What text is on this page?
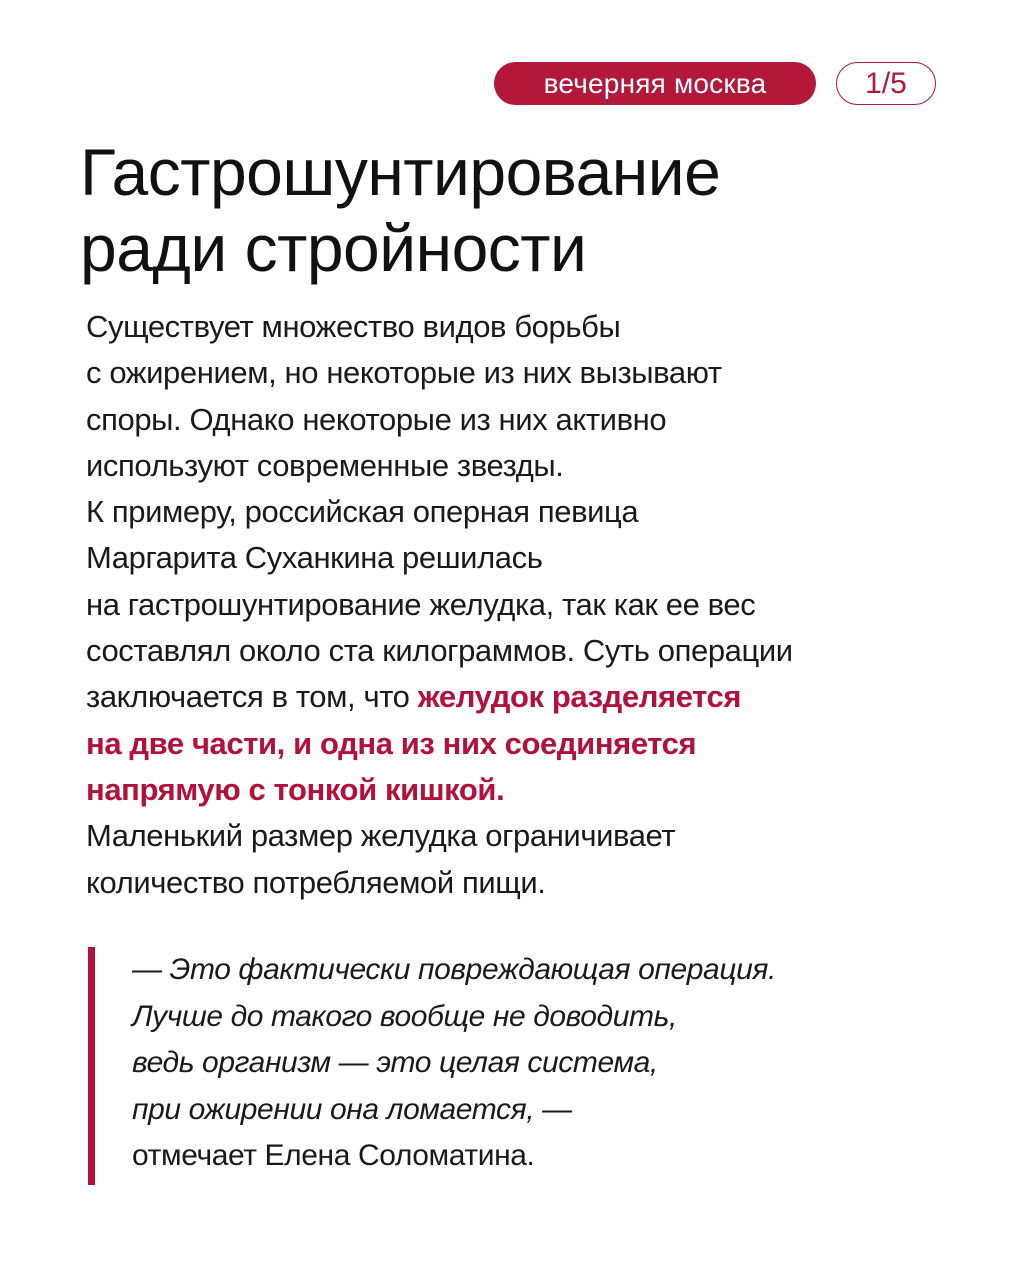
вечерняя москва	1/5
Гастрошунтирование
ради стройности
Существует множество видов борьбы
с ожирением, но некоторые из них вызывают
споры. Однако некоторые из них активно
используют современные звезды.
К примеру, российская оперная певица
Маргарита Суханкина решилась
на гастрошунтирование желудка, так как ее вес
составлял около ста килограммов. Суть операции
заключается в том, что желудок разделяется
на две части, и одна из них соединяется
напрямую с тонкой кишкой.
Маленький размер желудка ограничивает
количество потребляемой пищи.
— Это фактически повреждающая операция.
Лучше до такого вообще не доводить,
ведь организм — это целая система,
при ожирении она ломается, —
отмечает Елена Соломатина.
